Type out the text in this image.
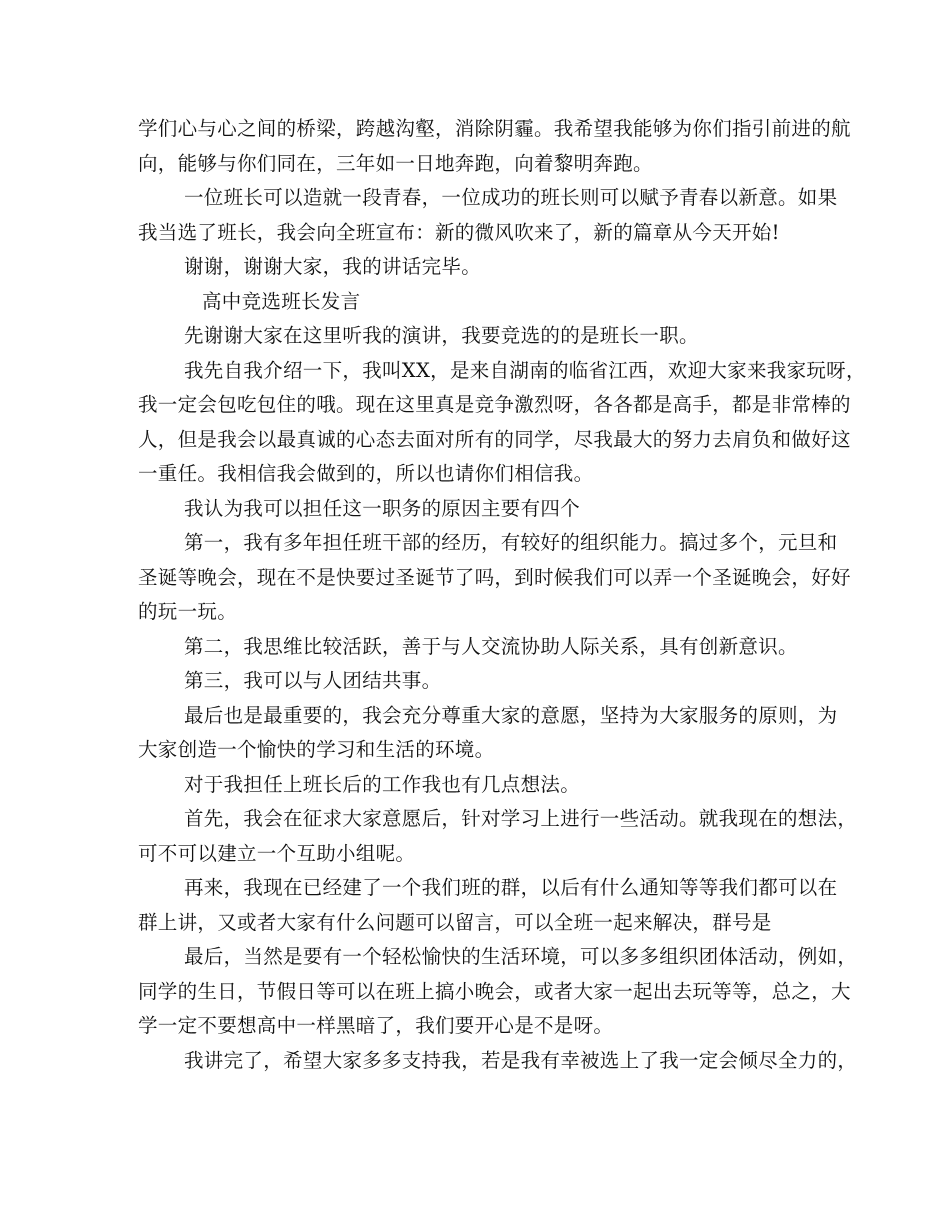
学们心与心之间的桥梁，跨越沟壑，消除阴霾。我希望我能够为你们指引前进的航
向，能够与你们同在，三年如一日地奔跑，向着黎明奔跑。
一位班长可以造就一段青春，一位成功的班长则可以赋予青春以新意。如果
我当选了班长，我会向全班宣布：新的微风吹来了，新的篇章从今天开始!
谢谢，谢谢大家，我的讲话完毕。
高中竞选班长发言
先谢谢大家在这里听我的演讲，我要竞选的的是班长一职。
我先自我介绍一下，我叫XX，是来自湖南的临省江西，欢迎大家来我家玩呀，
我一定会包吃包住的哦。现在这里真是竞争激烈呀，各各都是高手，都是非常棒的
人，但是我会以最真诚的心态去面对所有的同学，尽我最大的努力去肩负和做好这
一重任。我相信我会做到的，所以也请你们相信我。
我认为我可以担任这一职务的原因主要有四个
第一，我有多年担任班干部的经历，有较好的组织能力。搞过多个，元旦和
圣诞等晚会，现在不是快要过圣诞节了吗，到时候我们可以弄一个圣诞晚会，好好
的玩一玩。
第二，我思维比较活跃，善于与人交流协助人际关系，具有创新意识。
第三，我可以与人团结共事。
最后也是最重要的，我会充分尊重大家的意愿，坚持为大家服务的原则，为
大家创造一个愉快的学习和生活的环境。
对于我担任上班长后的工作我也有几点想法。
首先，我会在征求大家意愿后，针对学习上进行一些活动。就我现在的想法，
可不可以建立一个互助小组呢。
再来，我现在已经建了一个我们班的群，以后有什么通知等等我们都可以在
群上讲，又或者大家有什么问题可以留言，可以全班一起来解决，群号是
最后，当然是要有一个轻松愉快的生活环境，可以多多组织团体活动，例如，
同学的生日，节假日等可以在班上搞小晚会，或者大家一起出去玩等等，总之，大
学一定不要想高中一样黑暗了，我们要开心是不是呀。
我讲完了，希望大家多多支持我，若是我有幸被选上了我一定会倾尽全力的，
